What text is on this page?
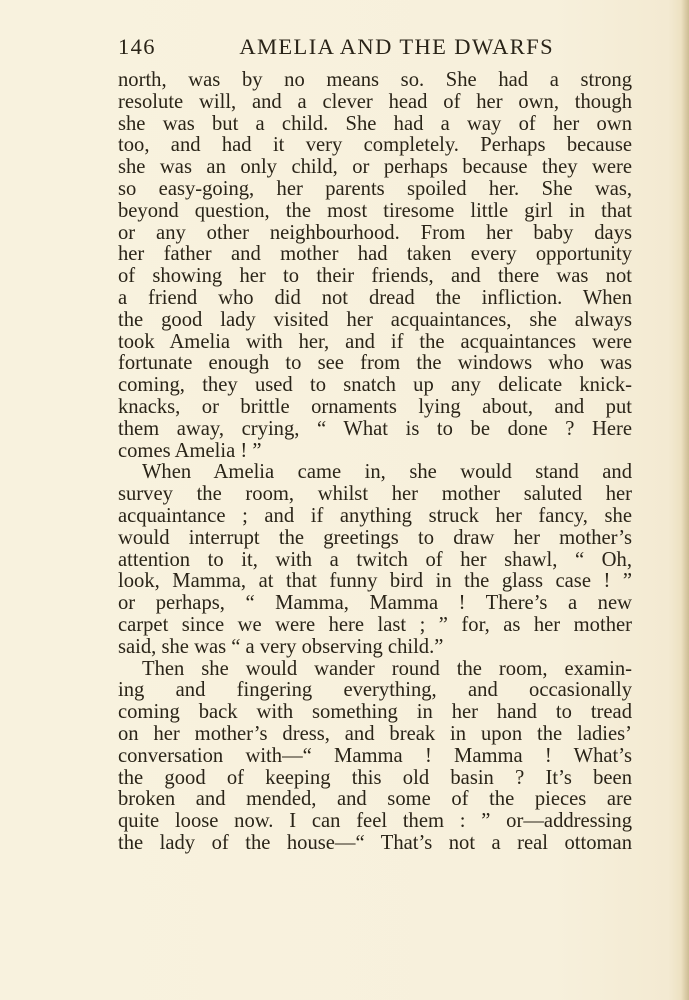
146	AMELIA AND THE DWARFS
north, was by no means so. She had a strong
resolute will, and a clever head of her own, though
she was but a child. She had a way of her own
too, and had it very completely. Perhaps because
she was an only child, or perhaps because they were
so easy-going, her parents spoiled her. She was,
beyond question, the most tiresome little girl in that
or any other neighbourhood. From her baby days
her father and mother had taken every opportunity
of showing her to their friends, and there was not
a friend who did not dread the infliction. When
the good lady visited her acquaintances, she always
took Amelia with her, and if the acquaintances were
fortunate enough to see from the windows who was
coming, they used to snatch up any delicate knick-
knacks, or brittle ornaments lying about, and put
them away, crying, “ What is to be done ? Here
comes Amelia ! ”
When Amelia came in, she would stand and
survey the room, whilst her mother saluted her
acquaintance ; and if anything struck her fancy, she
would interrupt the greetings to draw her mother’s
attention to it, with a twitch of her shawl, “ Oh,
look, Mamma, at that funny bird in the glass case ! ”
or perhaps, “ Mamma, Mamma ! There’s a new
carpet since we were here last ; ” for, as her mother
said, she was “ a very observing child.”
Then she would wander round the room, examin-
ing and fingering everything, and occasionally
coming back with something in her hand to tread
on her mother’s dress, and break in upon the ladies’
conversation with—“ Mamma ! Mamma ! What’s
the good of keeping this old basin ? It’s been
broken and mended, and some of the pieces are
quite loose now. I can feel them : ” or—addressing
the lady of the house—“ That’s not a real ottoman
